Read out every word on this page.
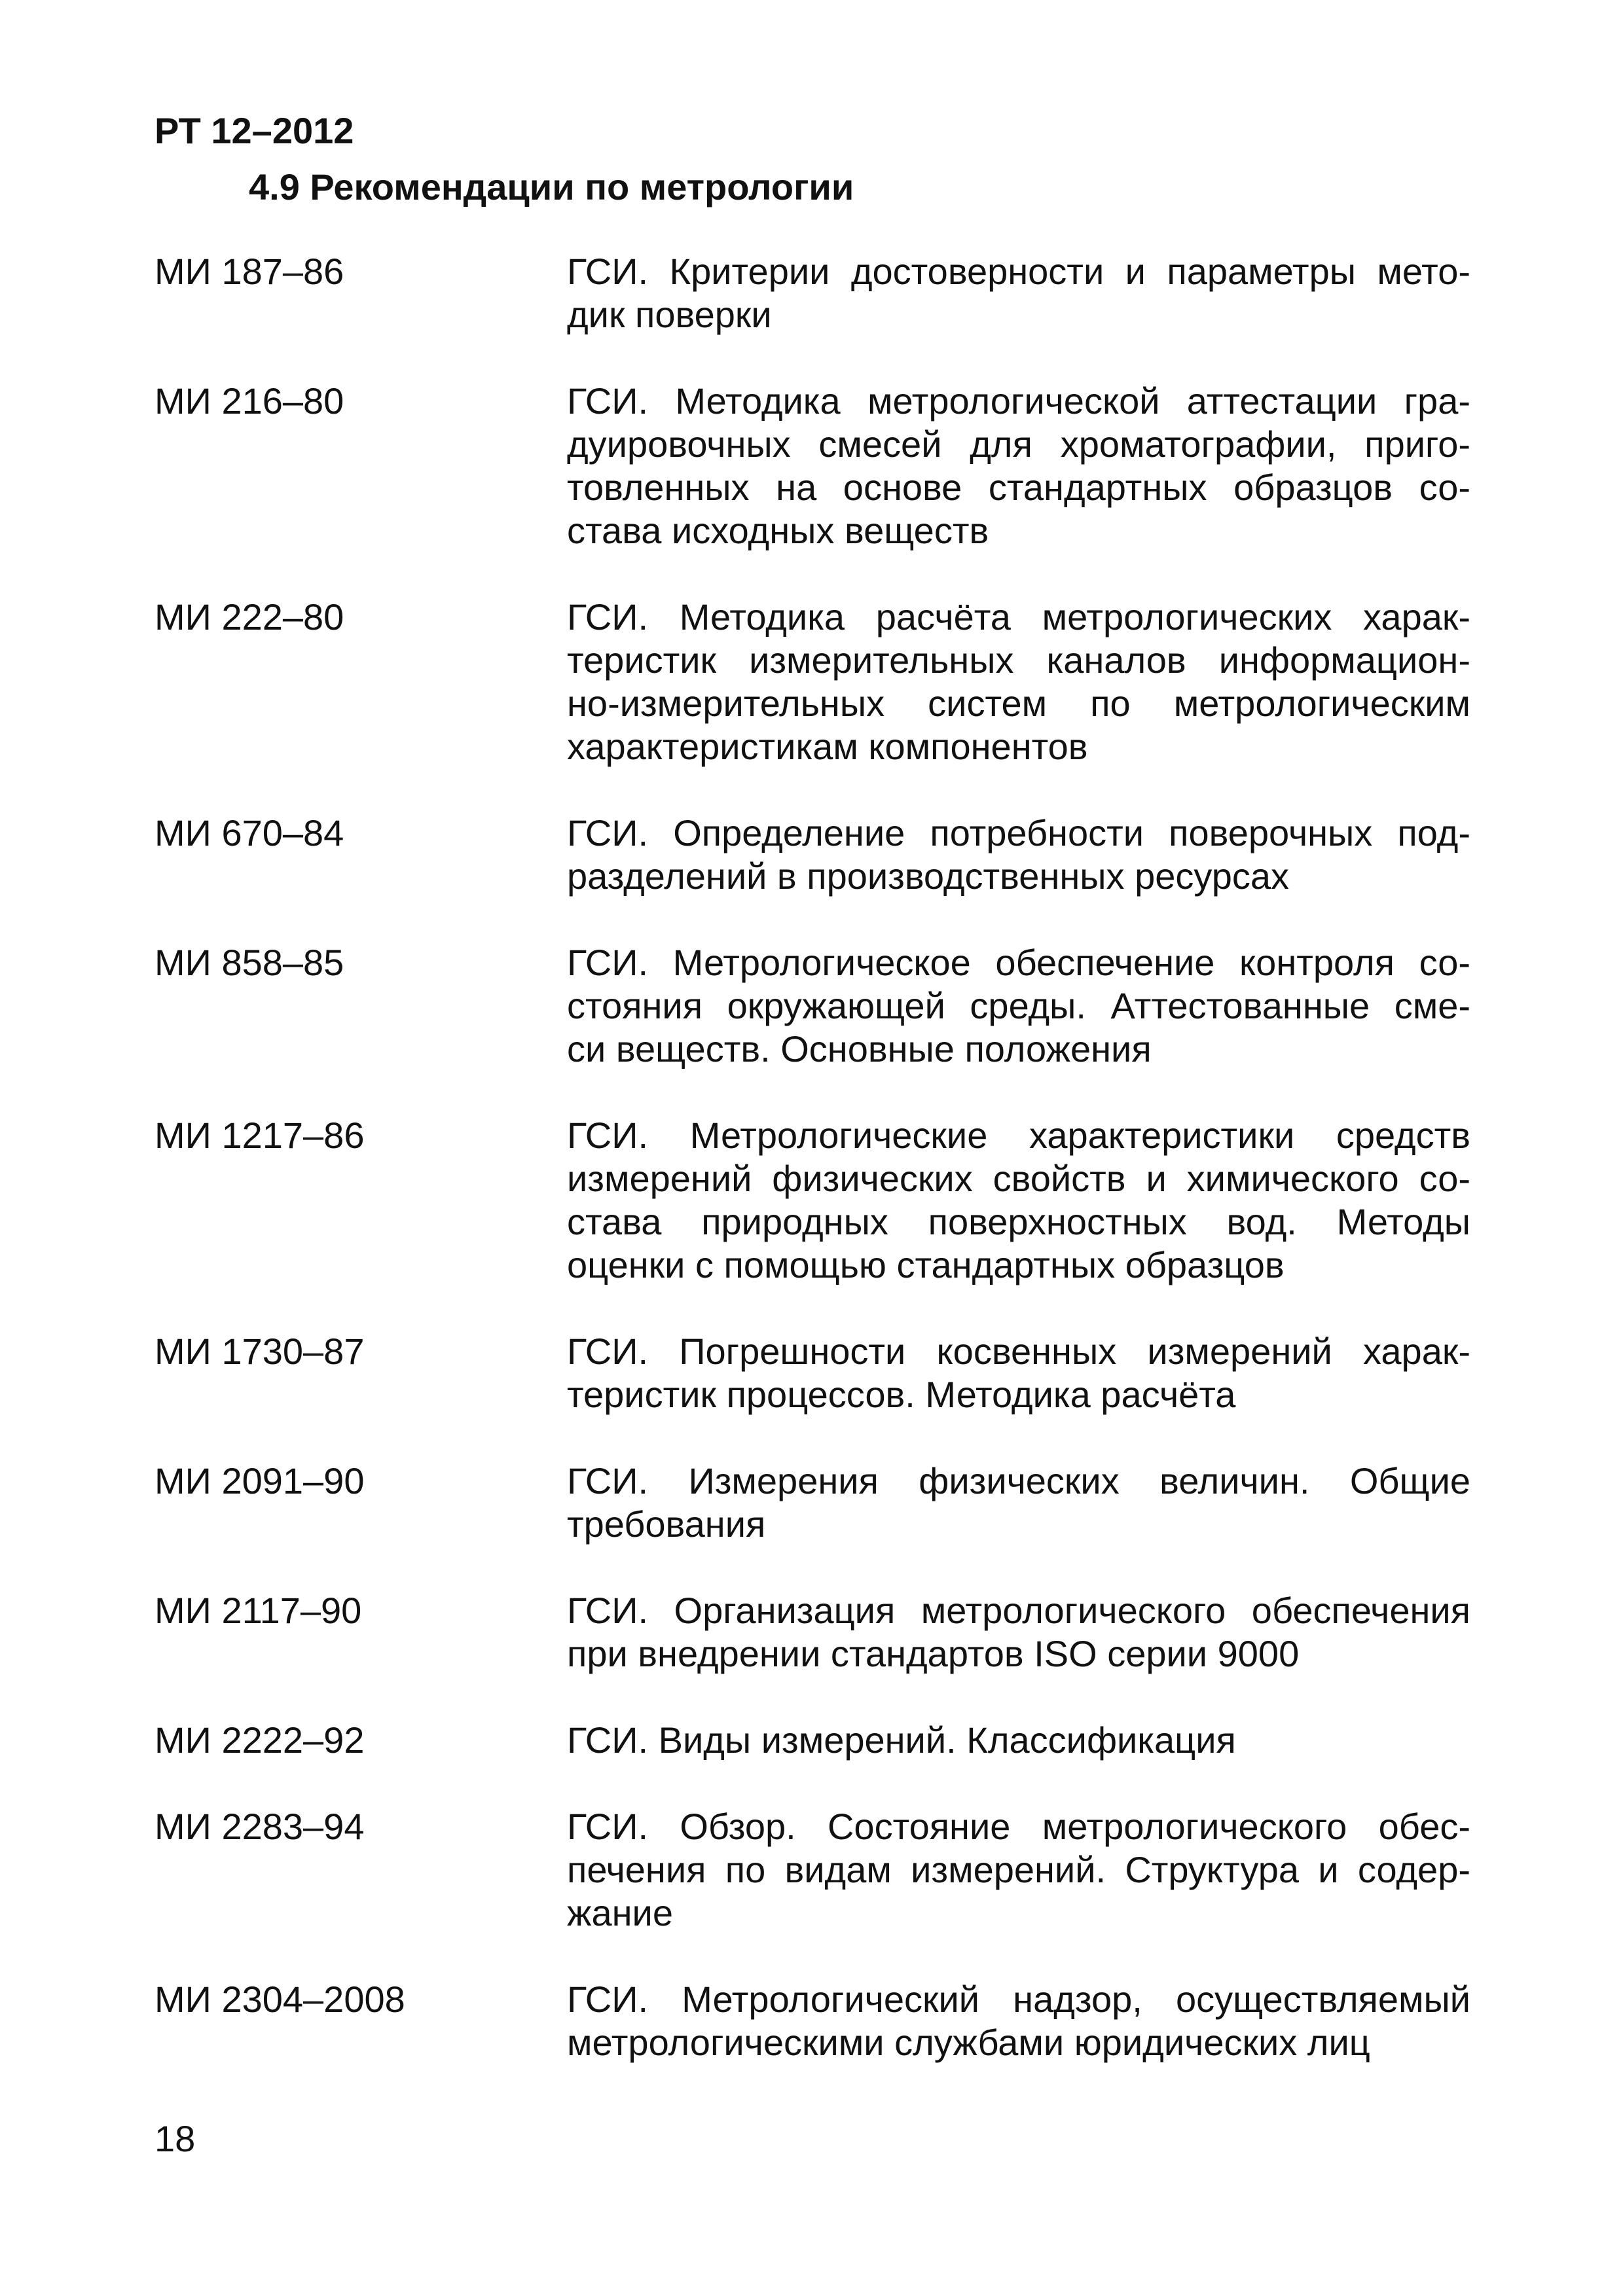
РТ 12–2012
4.9 Рекомендации по метрологии
МИ 187–86	ГСИ. Критерии достоверности и параметры мето-
дик поверки
МИ 216–80	ГСИ. Методика метрологической аттестации гра-
дуировочных смесей для хроматографии, приго-
товленных на основе стандартных образцов со-
става исходных веществ
МИ 222–80	ГСИ. Методика расчёта метрологических харак-
теристик измерительных каналов информацион-
но-измерительных систем по метрологическим
характеристикам компонентов
МИ 670–84	ГСИ. Определение потребности поверочных под-
разделений в производственных ресурсах
МИ 858–85	ГСИ. Метрологическое обеспечение контроля со-
стояния окружающей среды. Аттестованные сме-
си веществ. Основные положения
МИ 1217–86	ГСИ. Метрологические характеристики средств
измерений физических свойств и химического со-
става природных поверхностных вод. Методы
оценки с помощью стандартных образцов
МИ 1730–87	ГСИ. Погрешности косвенных измерений харак-
теристик процессов. Методика расчёта
МИ 2091–90	ГСИ. Измерения физических величин. Общие
требования
МИ 2117–90	ГСИ. Организация метрологического обеспечения
при внедрении стандартов ISO серии 9000
МИ 2222–92	ГСИ. Виды измерений. Классификация
МИ 2283–94	ГСИ. Обзор. Состояние метрологического обес-
печения по видам измерений. Структура и содер-
жание
МИ 2304–2008	ГСИ. Метрологический надзор, осуществляемый
метрологическими службами юридических лиц
18
